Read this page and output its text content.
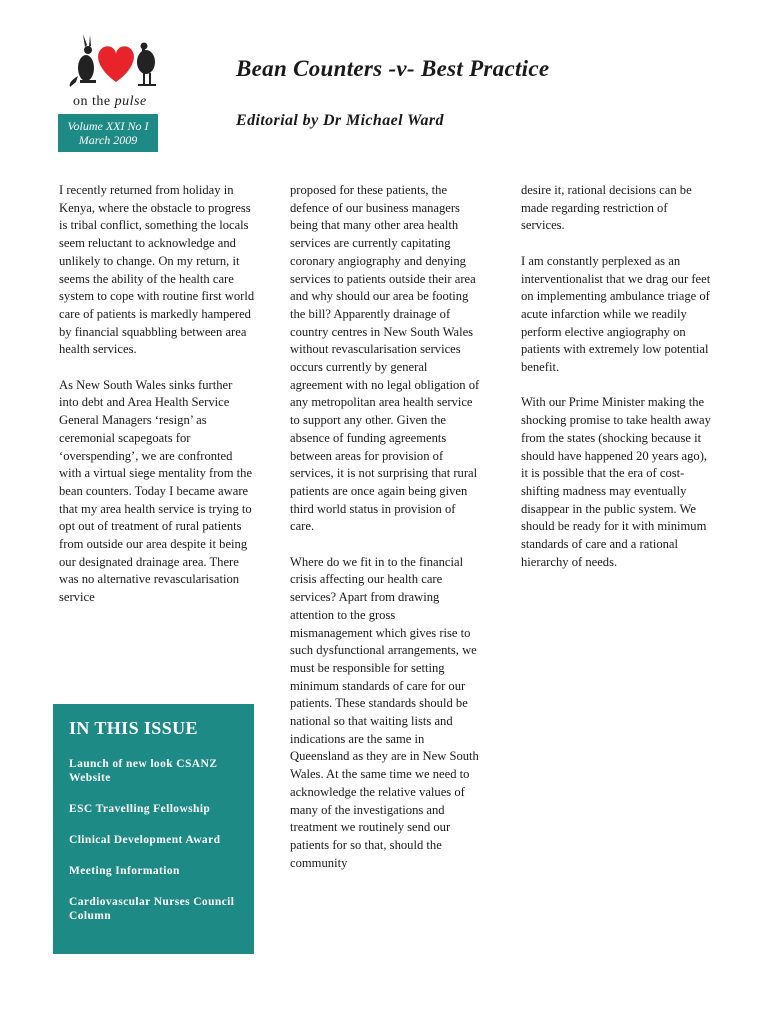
on the pulse
Volume XXI No I
March 2009
Bean Counters -v- Best Practice
Editorial by Dr Michael Ward

I recently returned from holiday in Kenya, where the obstacle to progress is tribal conflict, something the locals seem reluctant to acknowledge and unlikely to change. On my return, it seems the ability of the health care system to cope with routine first world care of patients is markedly hampered by financial squabbling between area health services.

As New South Wales sinks further into debt and Area Health Service General Managers ‘resign’ as ceremonial scapegoats for ‘overspending’, we are confronted with a virtual siege mentality from the bean counters. Today I became aware that my area health service is trying to opt out of treatment of rural patients from outside our area despite it being our designated drainage area. There was no alternative revascularisation service

proposed for these patients, the defence of our business managers being that many other area health services are currently capitating coronary angiography and denying services to patients outside their area and why should our area be footing the bill? Apparently drainage of country centres in New South Wales without revascularisation services occurs currently by general agreement with no legal obligation of any metropolitan area health service to support any other. Given the absence of funding agreements between areas for provision of services, it is not surprising that rural patients are once again being given third world status in provision of care.

Where do we fit in to the financial crisis affecting our health care services? Apart from drawing attention to the gross mismanagement which gives rise to such dysfunctional arrangements, we must be responsible for setting minimum standards of care for our patients. These standards should be national so that waiting lists and indications are the same in Queensland as they are in New South Wales. At the same time we need to acknowledge the relative values of many of the investigations and treatment we routinely send our patients for so that, should the community

desire it, rational decisions can be made regarding restriction of services.

I am constantly perplexed as an interventionalist that we drag our feet on implementing ambulance triage of acute infarction while we readily perform elective angiography on patients with extremely low potential benefit.

With our Prime Minister making the shocking promise to take health away from the states (shocking because it should have happened 20 years ago), it is possible that the era of cost-shifting madness may eventually disappear in the public system. We should be ready for it with minimum standards of care and a rational hierarchy of needs.

IN THIS ISSUE
Launch of new look CSANZ Website
ESC Travelling Fellowship
Clinical Development Award
Meeting Information
Cardiovascular Nurses Council Column
